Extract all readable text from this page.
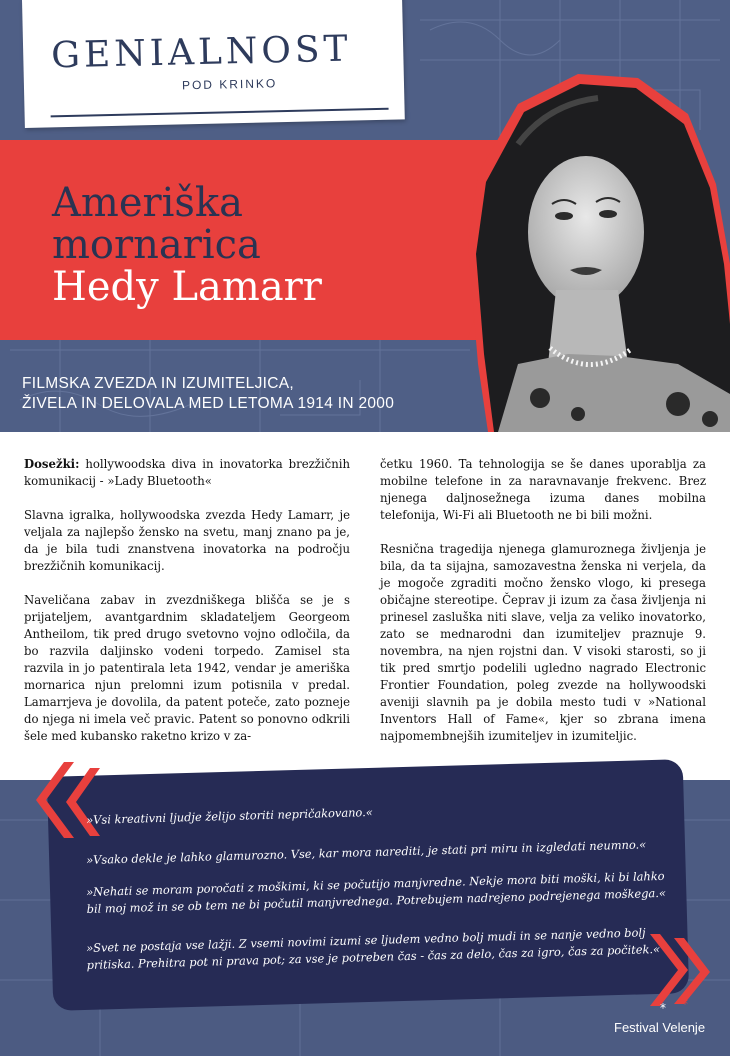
GENIALNOST
POD KRINKO
Ameriška
mornarica
Hedy Lamarr
FILMSKA ZVEZDA IN IZUMITELJICA,
ŽIVELA IN DELOVALA MED LETOMA 1914 IN 2000

Dosežki: hollywoodska diva in inovatorka brezžičnih komunikacij - »Lady Bluetooth«

Slavna igralka, hollywoodska zvezda Hedy Lamarr, je veljala za najlepšo žensko na svetu, manj znano pa je, da je bila tudi znanstvena inovatorka na področju brezžičnih komunikacij.

Naveličana zabav in zvezdniškega blišča se je s prijateljem, avantgardnim skladateljem Georgeom Antheilom, tik pred drugo svetovno vojno odločila, da bo razvila daljinsko vodeni torpedo. Zamisel sta razvila in jo patentirala leta 1942, vendar je ameriška mornarica njun prelomni izum potisnila v predal. Lamarrjeva je dovolila, da patent poteče, zato pozneje do njega ni imela več pravic. Patent so ponovno odkrili šele med kubansko raketno krizo v za-

četku 1960. Ta tehnologija se še danes uporablja za mobilne telefone in za naravnavanje frekvenc. Brez njenega daljnosežnega izuma danes mobilna telefonija, Wi-Fi ali Bluetooth ne bi bili možni.

Resnična tragedija njenega glamuroznega življenja je bila, da ta sijajna, samozavestna ženska ni verjela, da je mogoče zgraditi močno žensko vlogo, ki presega običajne stereotipe. Čeprav ji izum za časa življenja ni prinesel zasluška niti slave, velja za veliko inovatorko, zato se mednarodni dan izumiteljev praznuje 9. novembra, na njen rojstni dan. V visoki starosti, so ji tik pred smrtjo podelili ugledno nagrado Electronic Frontier Foundation, poleg zvezde na hollywoodski aveniji slavnih pa je dobila mesto tudi v »National Inventors Hall of Fame«, kjer so zbrana imena najpomembnejših izumiteljev in izumiteljic.

»Vsi kreativni ljudje želijo storiti nepričakovano.«
»Vsako dekle je lahko glamurozno. Vse, kar mora narediti, je stati pri miru in izgledati neumno.«
»Nehati se moram poročati z moškimi, ki se počutijo manjvredne. Nekje mora biti moški, ki bi lahko bil moj mož in se ob tem ne bi počutil manjvrednega. Potrebujem nadrejeno podrejenega moškega.«
»Svet ne postaja vse lažji. Z vsemi novimi izumi se ljudem vedno bolj mudi in se nanje vedno bolj pritiska. Prehitra pot ni prava pot; za vse je potreben čas - čas za delo, čas za igro, čas za počitek.«
* *
Festival Velenje
